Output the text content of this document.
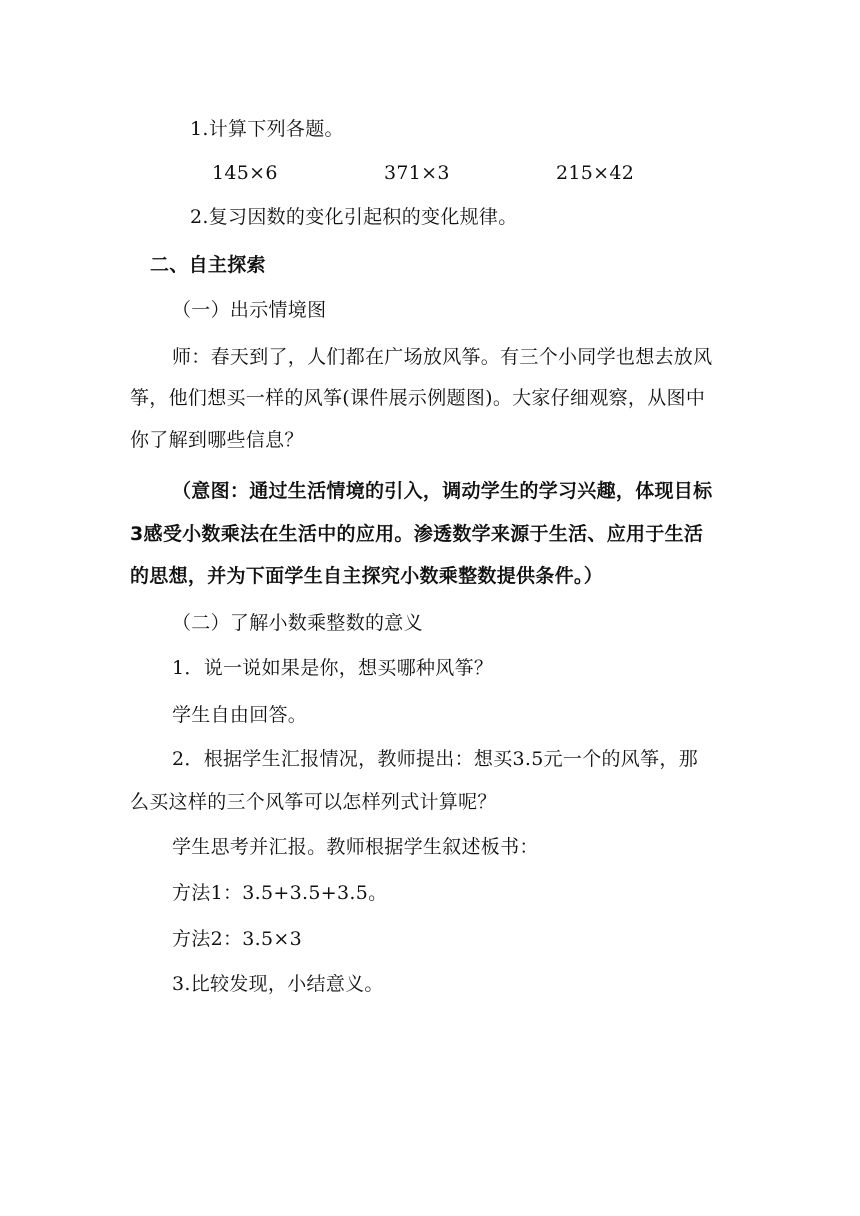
1.计算下列各题。
145×6	371×3	215×42
2.复习因数的变化引起积的变化规律。
二、自主探索
（一）出示情境图
师：春天到了，人们都在广场放风筝。有三个小同学也想去放风
筝，他们想买一样的风筝(课件展示例题图)。大家仔细观察，从图中
你了解到哪些信息？
（意图：通过生活情境的引入，调动学生的学习兴趣，体现目标
3感受小数乘法在生活中的应用。渗透数学来源于生活、应用于生活
的思想，并为下面学生自主探究小数乘整数提供条件。）
（二）了解小数乘整数的意义
1．说一说如果是你，想买哪种风筝？
学生自由回答。
2．根据学生汇报情况，教师提出：想买3.5元一个的风筝，那
么买这样的三个风筝可以怎样列式计算呢？
学生思考并汇报。教师根据学生叙述板书：
方法1：3.5+3.5+3.5。
方法2：3.5×3
3.比较发现，小结意义。
